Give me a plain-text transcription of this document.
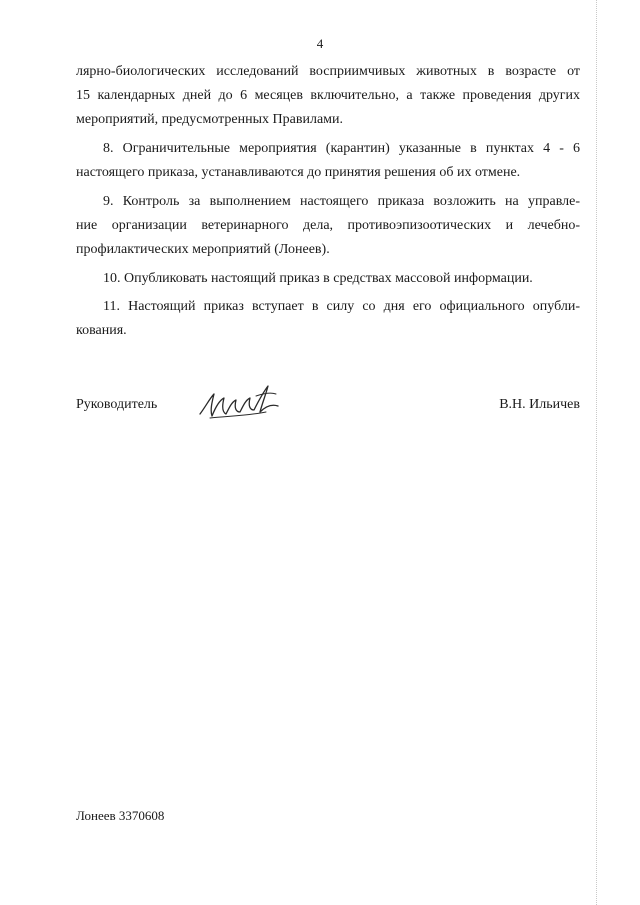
4
лярно-биологических исследований восприимчивых животных в возрасте от
15 календарных дней до 6 месяцев включительно, а также проведения других
мероприятий, предусмотренных Правилами.
8. Ограничительные мероприятия (карантин) указанные в пунктах 4 - 6
настоящего приказа, устанавливаются до принятия решения об их отмене.
9. Контроль за выполнением настоящего приказа возложить на управле-
ние организации ветеринарного дела, противоэпизоотических и лечебно-
профилактических мероприятий (Лонеев).
10. Опубликовать настоящий приказ в средствах массовой информации.
11. Настоящий приказ вступает в силу со дня его официального опубли-
кования.
Руководитель	В.Н. Ильичев
Лонеев 3370608
